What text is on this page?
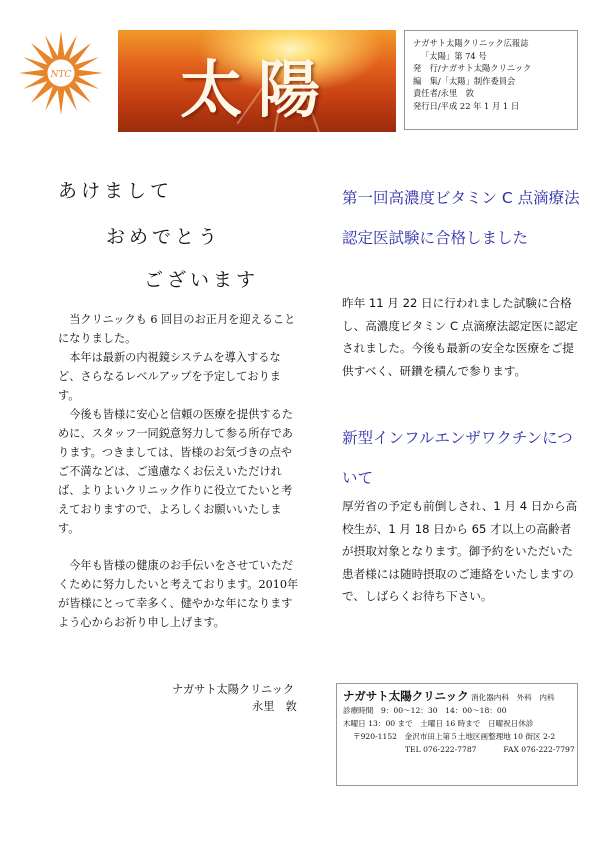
NTC 太陽
ナガサト太陽クリニック広報誌
「太陽」第 74 号
発　行/ナガサト太陽クリニック
編　集/「太陽」制作委員会
責任者/永里　敦
発行日/平成 22 年 1 月 1 日
あけまして
おめでとう
ございます

当クリニックも 6 回目のお正月を迎えることになりました。

本年は最新の内視鏡システムを導入するなど、さらなるレベルアップを予定しております。

今後も皆様に安心と信頼の医療を提供するために、スタッフ一同鋭意努力して参る所存であります。つきましては、皆様のお気づきの点やご不満などは、ご遠慮なくお伝えいただければ、よりよいクリニック作りに役立てたいと考えておりますので、よろしくお願いいたします。

今年も皆様の健康のお手伝いをさせていただくために努力したいと考えております。2010年が皆様にとって幸多く、健やかな年になりますよう心からお祈り申し上げます。

ナガサト太陽クリニック
永里　敦
第一回高濃度ビタミン C 点滴療法認定医試験に合格しました
昨年 11 月 22 日に行われました試験に合格し、高濃度ビタミン C 点滴療法認定医に認定されました。今後も最新の安全な医療をご提供すべく、研鑽を積んで参ります。
新型インフルエンザワクチンについて
厚労省の予定も前倒しされ、1 月 4 日から高校生が、1 月 18 日から 65 才以上の高齢者が摂取対象となります。御予約をいただいた患者様には随時摂取のご連絡をいたしますので、しばらくお待ち下さい。
ナガサト太陽クリニック 消化器内科　外科　内科
診療時間　9：00～12：30　14：00～18：00
木曜日 13：00 まで　土曜日 16 時まで　日曜祝日休診
〒920-1152　金沢市田上第５土地区画整理地 10 街区 2-2
TEL 076-222-7787	FAX 076-222-7797
